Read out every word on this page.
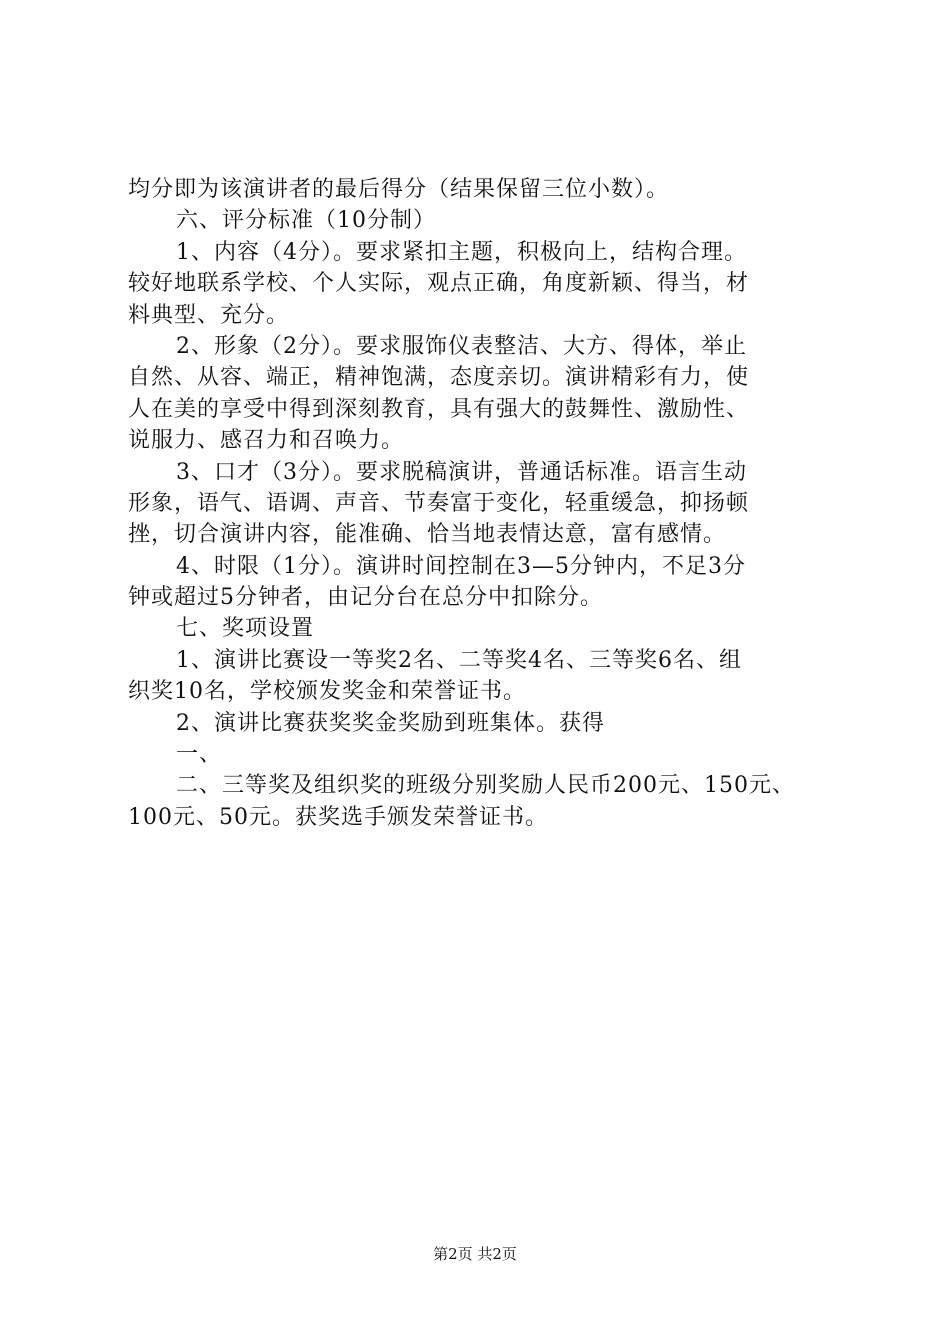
均分即为该演讲者的最后得分（结果保留三位小数）。
六、评分标准（10分制）
1、内容（4分）。要求紧扣主题，积极向上，结构合理。
较好地联系学校、个人实际，观点正确，角度新颖、得当，材
料典型、充分。
2、形象（2分）。要求服饰仪表整洁、大方、得体，举止
自然、从容、端正，精神饱满，态度亲切。演讲精彩有力，使
人在美的享受中得到深刻教育，具有强大的鼓舞性、激励性、
说服力、感召力和召唤力。
3、口才（3分）。要求脱稿演讲，普通话标准。语言生动
形象，语气、语调、声音、节奏富于变化，轻重缓急，抑扬顿
挫，切合演讲内容，能准确、恰当地表情达意，富有感情。
4、时限（1分）。演讲时间控制在3—5分钟内，不足3分
钟或超过5分钟者，由记分台在总分中扣除分。
七、奖项设置
1、演讲比赛设一等奖2名、二等奖4名、三等奖6名、组
织奖10名，学校颁发奖金和荣誉证书。
2、演讲比赛获奖奖金奖励到班集体。获得
一、
二、三等奖及组织奖的班级分别奖励人民币200元、150元、
100元、50元。获奖选手颁发荣誉证书。
第2页 共2页
